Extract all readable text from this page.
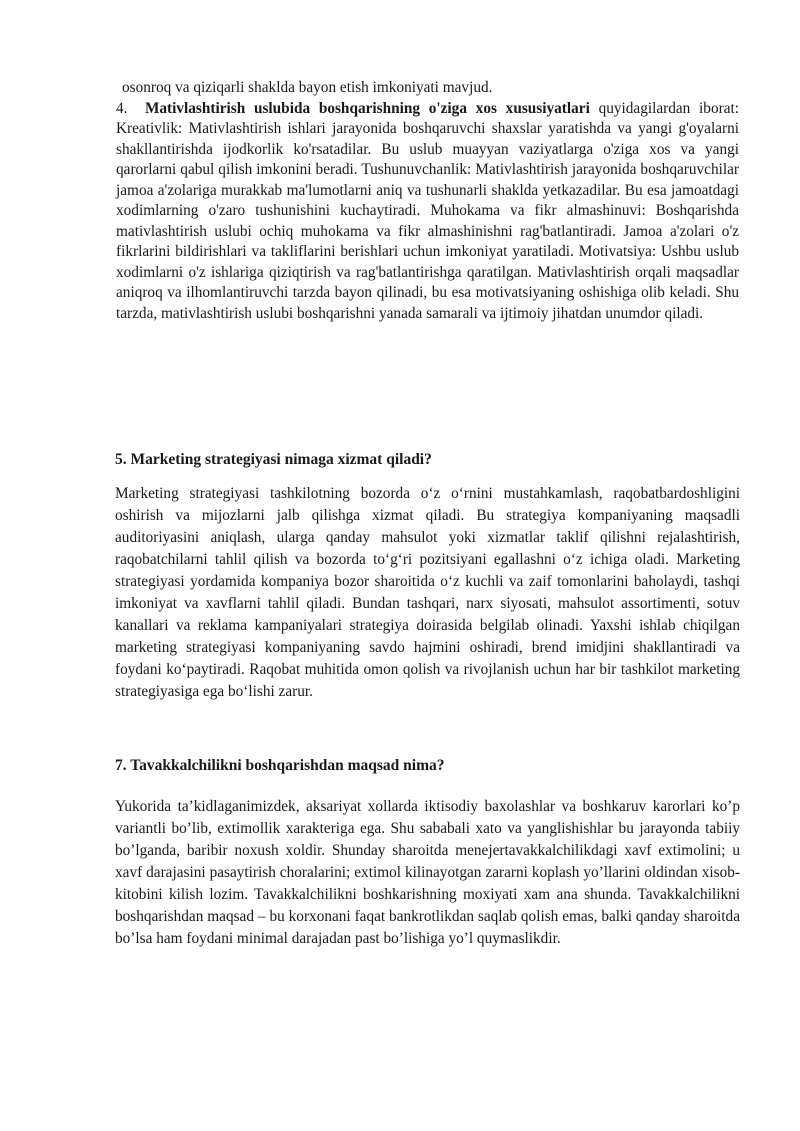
osonroq va qiziqarli shaklda bayon etish imkoniyati mavjud.

4. Mativlashtirish uslubida boshqarishning o'ziga xos xususiyatlari quyidagilardan iborat: Kreativlik: Mativlashtirish ishlari jarayonida boshqaruvchi shaxslar yaratishda va yangi g'oyalarni shakllantirishda ijodkorlik ko'rsatadilar. Bu uslub muayyan vaziyatlarga o'ziga xos va yangi qarorlarni qabul qilish imkonini beradi. Tushunuvchanlik: Mativlashtirish jarayonida boshqaruvchilar jamoa a'zolariga murakkab ma'lumotlarni aniq va tushunarli shaklda yetkazadilar. Bu esa jamoatdagi xodimlarning o'zaro tushunishini kuchaytiradi. Muhokama va fikr almashinuvi: Boshqarishda mativlashtirish uslubi ochiq muhokama va fikr almashinishni rag'batlantiradi. Jamoa a'zolari o'z fikrlarini bildirishlari va takliflarini berishlari uchun imkoniyat yaratiladi. Motivatsiya: Ushbu uslub xodimlarni o'z ishlariga qiziqtirish va rag'batlantirishga qaratilgan. Mativlashtirish orqali maqsadlar aniqroq va ilhomlantiruvchi tarzda bayon qilinadi, bu esa motivatsiyaning oshishiga olib keladi. Shu tarzda, mativlashtirish uslubi boshqarishni yanada samarali va ijtimoiy jihatdan unumdor qiladi.

5. Marketing strategiyasi nimaga xizmat qiladi?

Marketing strategiyasi tashkilotning bozorda o‘z o‘rnini mustahkamlash, raqobatbardoshligini oshirish va mijozlarni jalb qilishga xizmat qiladi. Bu strategiya kompaniyaning maqsadli auditoriyasini aniqlash, ularga qanday mahsulot yoki xizmatlar taklif qilishni rejalashtirish, raqobatchilarni tahlil qilish va bozorda to‘g‘ri pozitsiyani egallashni o‘z ichiga oladi. Marketing strategiyasi yordamida kompaniya bozor sharoitida o‘z kuchli va zaif tomonlarini baholaydi, tashqi imkoniyat va xavflarni tahlil qiladi. Bundan tashqari, narx siyosati, mahsulot assortimenti, sotuv kanallari va reklama kampaniyalari strategiya doirasida belgilab olinadi. Yaxshi ishlab chiqilgan marketing strategiyasi kompaniyaning savdo hajmini oshiradi, brend imidjini shakllantiradi va foydani ko‘paytiradi. Raqobat muhitida omon qolish va rivojlanish uchun har bir tashkilot marketing strategiyasiga ega bo‘lishi zarur.

7. Tavakkalchilikni boshqarishdan maqsad nima?

Yukorida ta’kidlaganimizdek, aksariyat xollarda iktisodiy baxolashlar va boshkaruv karorlari ko’p variantli bo’lib, extimollik xarakteriga ega. Shu sababali xato va yanglishishlar bu jarayonda tabiiy bo’lganda, baribir noxush xoldir. Shunday sharoitda menejertavakkalchilikdagi xavf extimolini; u xavf darajasini pasaytirish choralarini; extimol kilinayotgan zararni koplash yo’llarini oldindan xisob-kitobini kilish lozim. Tavakkalchilikni boshkarishning moxiyati xam ana shunda. Tavakkalchilikni boshqarishdan maqsad – bu korxonani faqat bankrotlikdan saqlab qolish emas, balki qanday sharoitda bo’lsa ham foydani minimal darajadan past bo’lishiga yo’l quymaslikdir.
